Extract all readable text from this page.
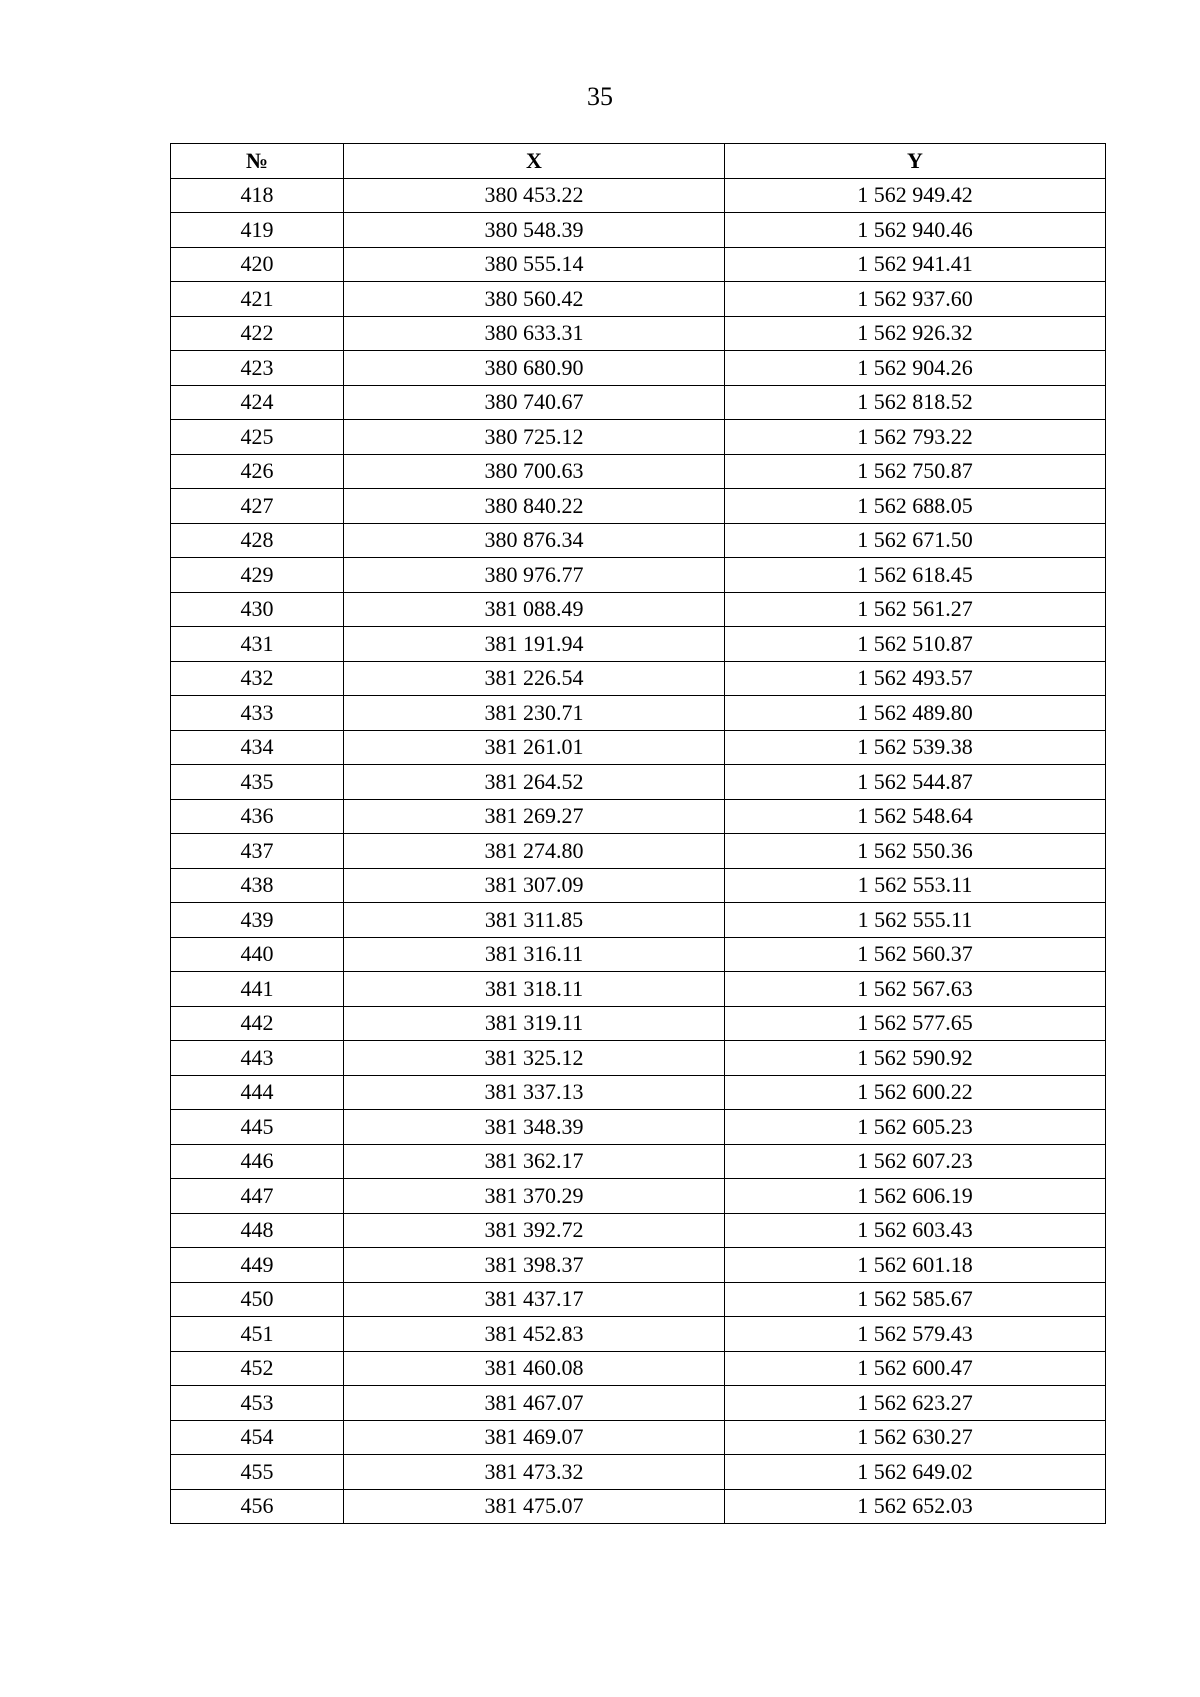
35
№	X	Y
418	380 453.22	1 562 949.42
419	380 548.39	1 562 940.46
420	380 555.14	1 562 941.41
421	380 560.42	1 562 937.60
422	380 633.31	1 562 926.32
423	380 680.90	1 562 904.26
424	380 740.67	1 562 818.52
425	380 725.12	1 562 793.22
426	380 700.63	1 562 750.87
427	380 840.22	1 562 688.05
428	380 876.34	1 562 671.50
429	380 976.77	1 562 618.45
430	381 088.49	1 562 561.27
431	381 191.94	1 562 510.87
432	381 226.54	1 562 493.57
433	381 230.71	1 562 489.80
434	381 261.01	1 562 539.38
435	381 264.52	1 562 544.87
436	381 269.27	1 562 548.64
437	381 274.80	1 562 550.36
438	381 307.09	1 562 553.11
439	381 311.85	1 562 555.11
440	381 316.11	1 562 560.37
441	381 318.11	1 562 567.63
442	381 319.11	1 562 577.65
443	381 325.12	1 562 590.92
444	381 337.13	1 562 600.22
445	381 348.39	1 562 605.23
446	381 362.17	1 562 607.23
447	381 370.29	1 562 606.19
448	381 392.72	1 562 603.43
449	381 398.37	1 562 601.18
450	381 437.17	1 562 585.67
451	381 452.83	1 562 579.43
452	381 460.08	1 562 600.47
453	381 467.07	1 562 623.27
454	381 469.07	1 562 630.27
455	381 473.32	1 562 649.02
456	381 475.07	1 562 652.03
